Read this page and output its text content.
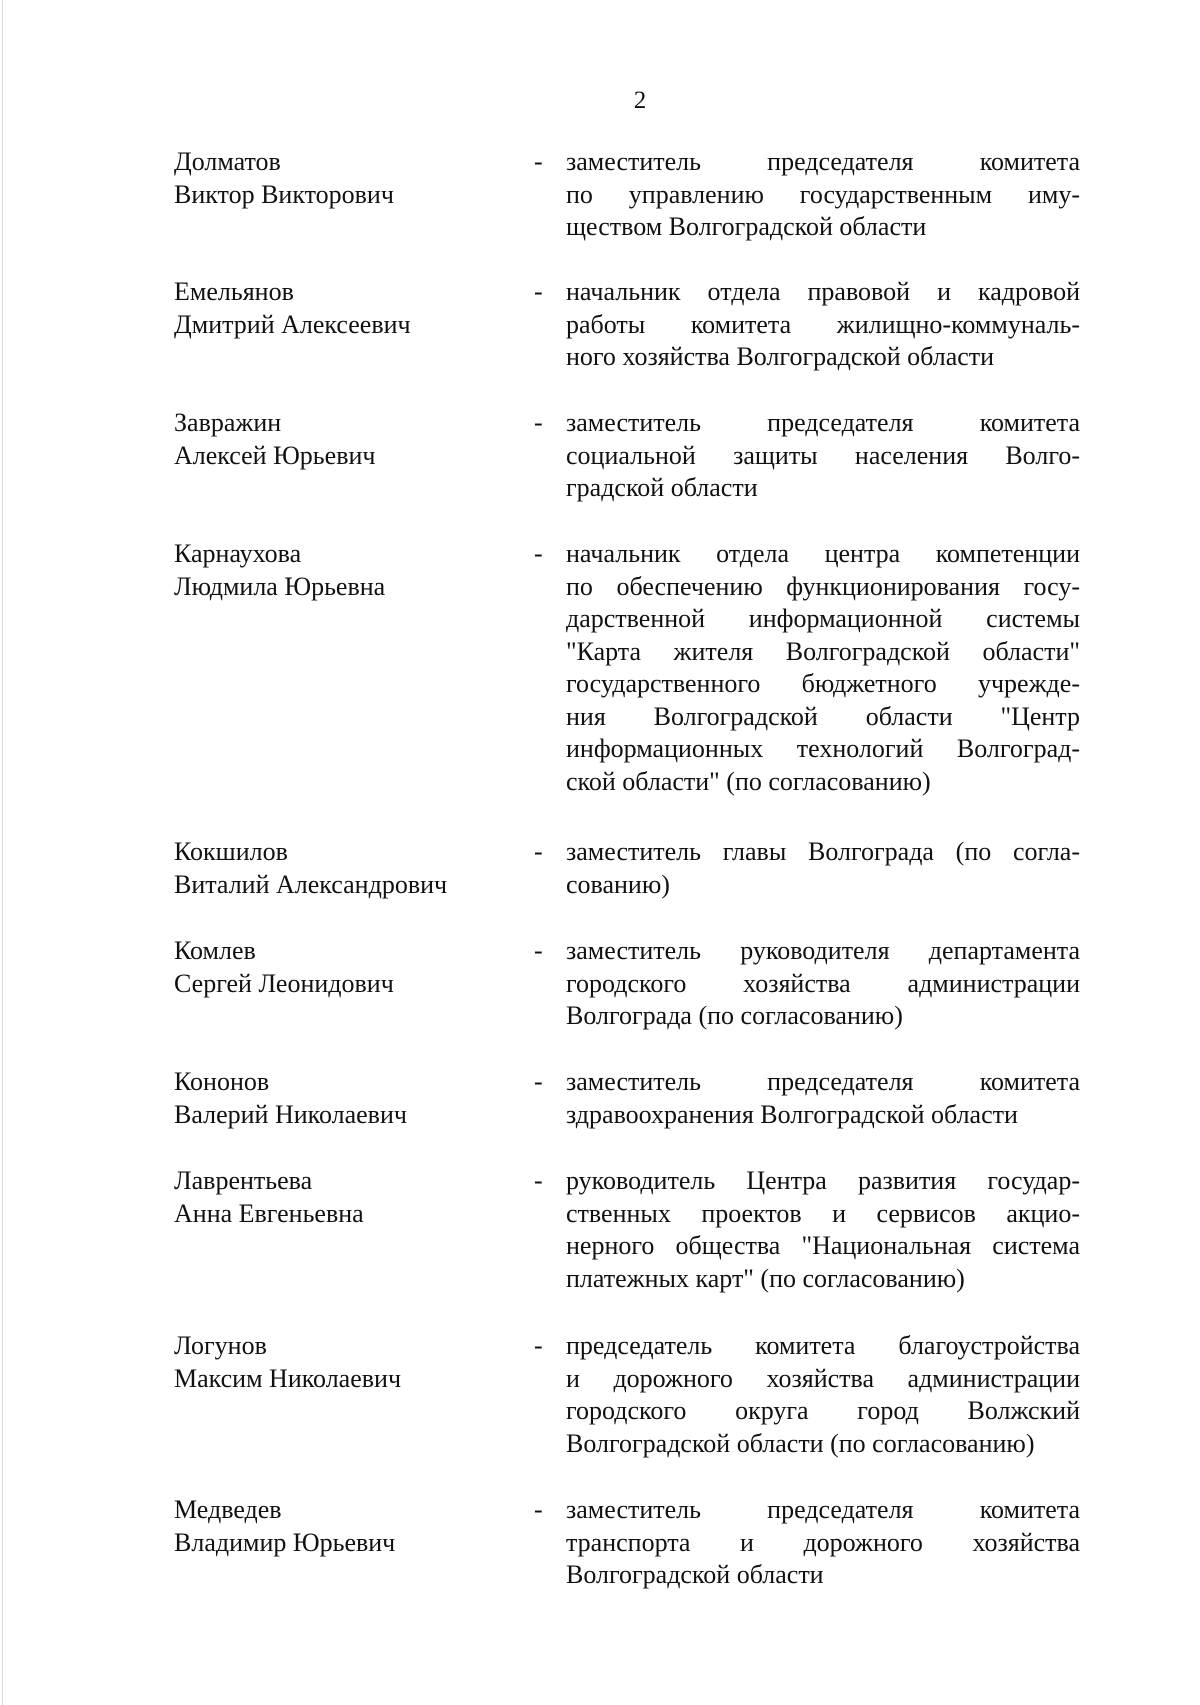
2
Долматов
Виктор Викторович
- заместитель председателя комитета
по управлению государственным иму-
ществом Волгоградской области
Емельянов
Дмитрий Алексеевич
- начальник отдела правовой и кадровой
работы комитета жилищно-коммуналь-
ного хозяйства Волгоградской области
Завражин
Алексей Юрьевич
- заместитель председателя комитета
социальной защиты населения Волго-
градской области
Карнаухова
Людмила Юрьевна
- начальник отдела центра компетенции
по обеспечению функционирования госу-
дарственной информационной системы
"Карта жителя Волгоградской области"
государственного бюджетного учрежде-
ния Волгоградской области "Центр
информационных технологий Волгоград-
ской области" (по согласованию)
Кокшилов
Виталий Александрович
- заместитель главы Волгограда (по согла-
сованию)
Комлев
Сергей Леонидович
- заместитель руководителя департамента
городского хозяйства администрации
Волгограда (по согласованию)
Кононов
Валерий Николаевич
- заместитель председателя комитета
здравоохранения Волгоградской области
Лаврентьева
Анна Евгеньевна
- руководитель Центра развития государ-
ственных проектов и сервисов акцио-
нерного общества "Национальная система
платежных карт" (по согласованию)
Логунов
Максим Николаевич
- председатель комитета благоустройства
и дорожного хозяйства администрации
городского округа город Волжский
Волгоградской области (по согласованию)
Медведев
Владимир Юрьевич
- заместитель председателя комитета
транспорта и дорожного хозяйства
Волгоградской области
